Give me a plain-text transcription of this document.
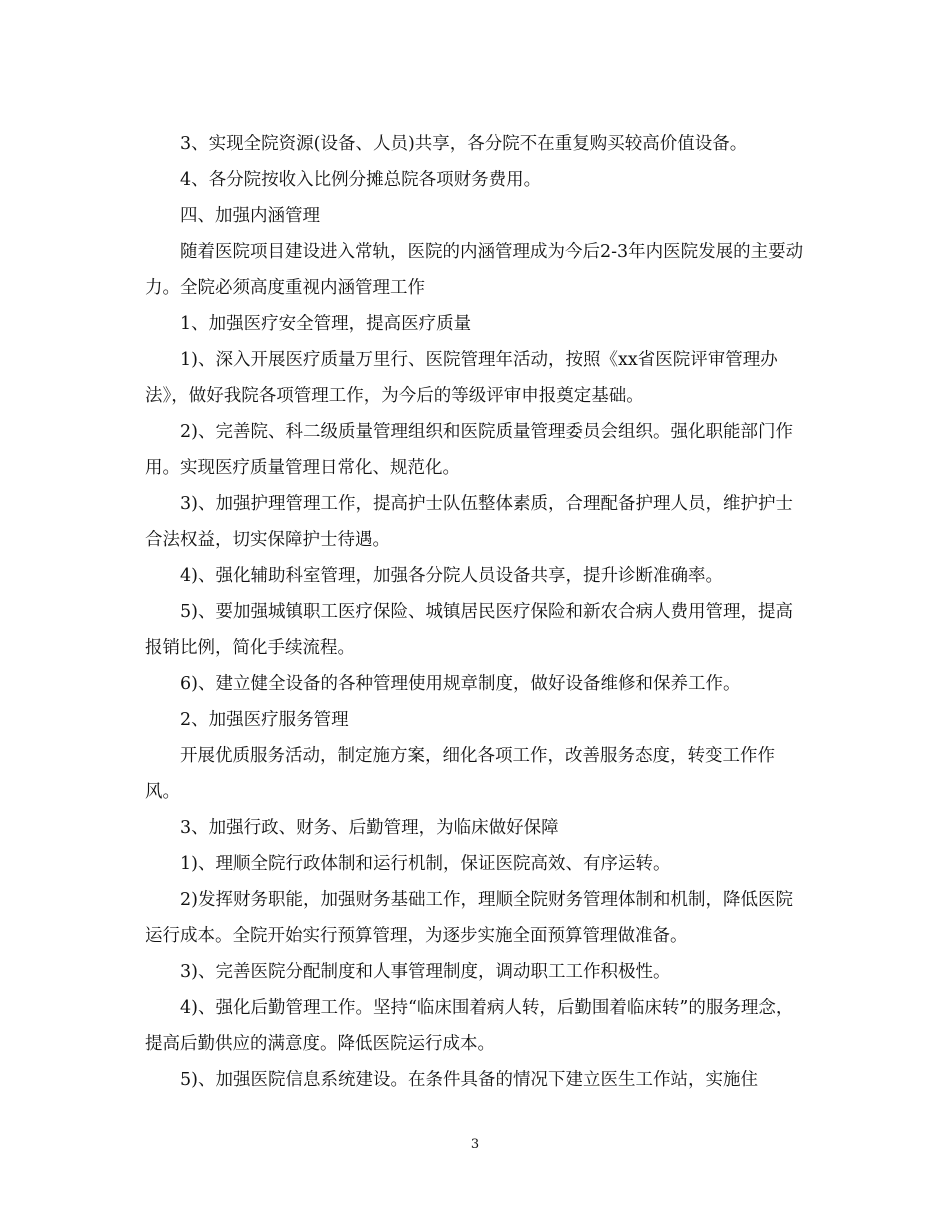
3、实现全院资源(设备、人员)共享，各分院不在重复购买较高价值设备。

4、各分院按收入比例分摊总院各项财务费用。

四、加强内涵管理

随着医院项目建设进入常轨，医院的内涵管理成为今后2-3年内医院发展的主要动力。全院必须高度重视内涵管理工作

1、加强医疗安全管理，提高医疗质量

1)、深入开展医疗质量万里行、医院管理年活动，按照《xx省医院评审管理办法》，做好我院各项管理工作，为今后的等级评审申报奠定基础。

2)、完善院、科二级质量管理组织和医院质量管理委员会组织。强化职能部门作用。实现医疗质量管理日常化、规范化。

3)、加强护理管理工作，提高护士队伍整体素质，合理配备护理人员，维护护士合法权益，切实保障护士待遇。

4)、强化辅助科室管理，加强各分院人员设备共享，提升诊断准确率。

5)、要加强城镇职工医疗保险、城镇居民医疗保险和新农合病人费用管理，提高报销比例，简化手续流程。

6)、建立健全设备的各种管理使用规章制度，做好设备维修和保养工作。

2、加强医疗服务管理

开展优质服务活动，制定施方案，细化各项工作，改善服务态度，转变工作作风。

3、加强行政、财务、后勤管理，为临床做好保障

1)、理顺全院行政体制和运行机制，保证医院高效、有序运转。

2)发挥财务职能，加强财务基础工作，理顺全院财务管理体制和机制，降低医院运行成本。全院开始实行预算管理，为逐步实施全面预算管理做准备。

3)、完善医院分配制度和人事管理制度，调动职工工作积极性。

4)、强化后勤管理工作。坚持“临床围着病人转，后勤围着临床转”的服务理念，提高后勤供应的满意度。降低医院运行成本。

5)、加强医院信息系统建设。在条件具备的情况下建立医生工作站，实施住

3
